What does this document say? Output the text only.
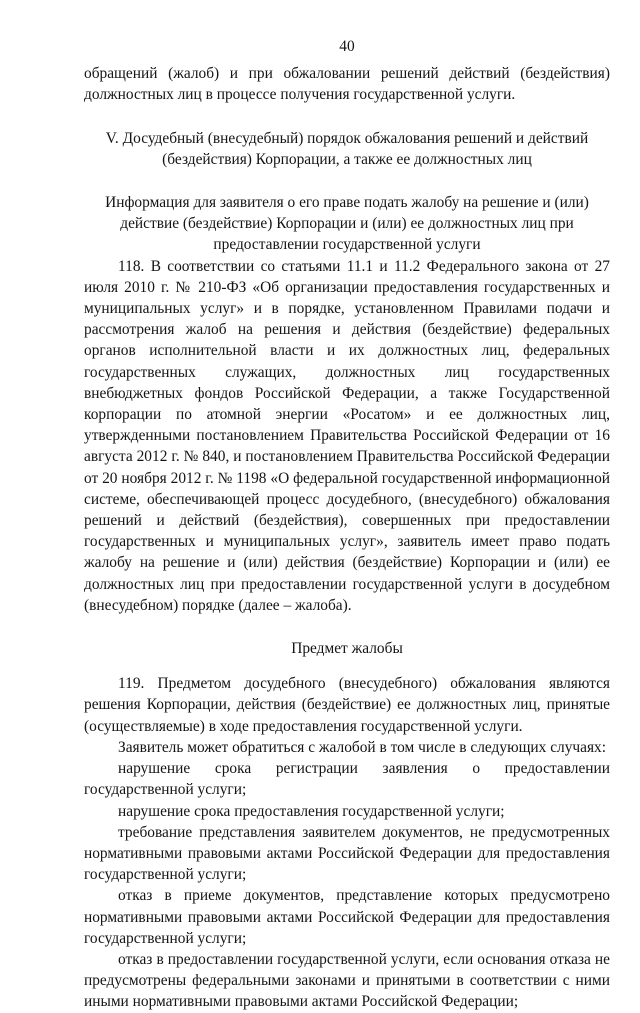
40

обращений (жалоб) и при обжаловании решений действий (бездействия) должностных лиц в процессе получения государственной услуги.

V. Досудебный (внесудебный) порядок обжалования решений и действий (бездействия) Корпорации, а также ее должностных лиц

Информация для заявителя о его праве подать жалобу на решение и (или) действие (бездействие) Корпорации и (или) ее должностных лиц при предоставлении государственной услуги

118. В соответствии со статьями 11.1 и 11.2 Федерального закона от 27 июля 2010 г. № 210-ФЗ «Об организации предоставления государственных и муниципальных услуг» и в порядке, установленном Правилами подачи и рассмотрения жалоб на решения и действия (бездействие) федеральных органов исполнительной власти и их должностных лиц, федеральных государственных служащих, должностных лиц государственных внебюджетных фондов Российской Федерации, а также Государственной корпорации по атомной энергии «Росатом» и ее должностных лиц, утвержденными постановлением Правительства Российской Федерации от 16 августа 2012 г. № 840, и постановлением Правительства Российской Федерации от 20 ноября 2012 г. № 1198 «О федеральной государственной информационной системе, обеспечивающей процесс досудебного, (внесудебного) обжалования решений и действий (бездействия), совершенных при предоставлении государственных и муниципальных услуг», заявитель имеет право подать жалобу на решение и (или) действия (бездействие) Корпорации и (или) ее должностных лиц при предоставлении государственной услуги в досудебном (внесудебном) порядке (далее – жалоба).

Предмет жалобы

119. Предметом досудебного (внесудебного) обжалования являются решения Корпорации, действия (бездействие) ее должностных лиц, принятые (осуществляемые) в ходе предоставления государственной услуги.

Заявитель может обратиться с жалобой в том числе в следующих случаях:

нарушение срока регистрации заявления о предоставлении государственной услуги;

нарушение срока предоставления государственной услуги;

требование представления заявителем документов, не предусмотренных нормативными правовыми актами Российской Федерации для предоставления государственной услуги;

отказ в приеме документов, представление которых предусмотрено нормативными правовыми актами Российской Федерации для предоставления государственной услуги;

отказ в предоставлении государственной услуги, если основания отказа не предусмотрены федеральными законами и принятыми в соответствии с ними иными нормативными правовыми актами Российской Федерации;
